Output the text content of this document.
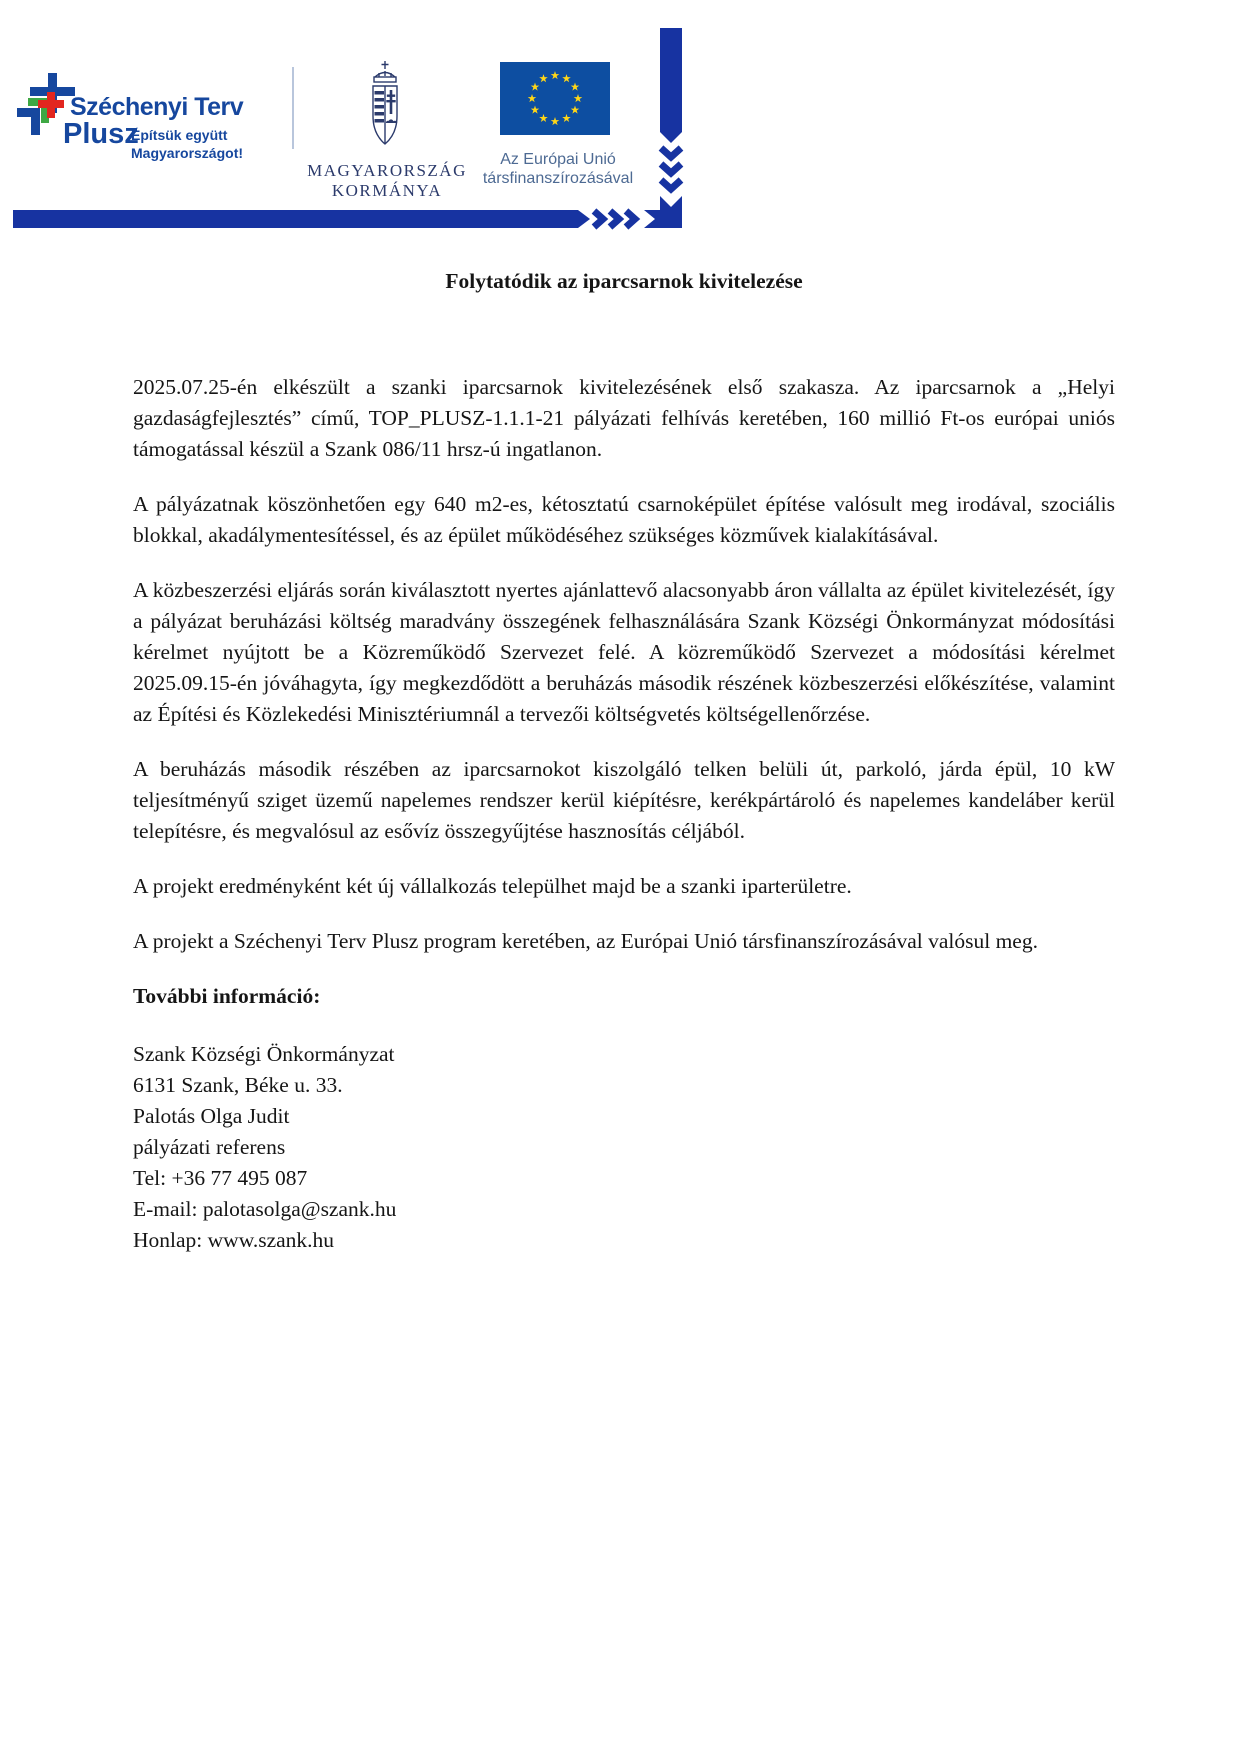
Széchenyi Terv
Plusz
Építsük együtt
Magyarországot!
MAGYARORSZÁG
KORMÁNYA
Az Európai Unió
társfinanszírozásával
Folytatódik az iparcsarnok kivitelezése

2025.07.25-én elkészült a szanki iparcsarnok kivitelezésének első szakasza. Az iparcsarnok a „Helyi gazdaságfejlesztés” című, TOP_PLUSZ-1.1.1-21 pályázati felhívás keretében, 160 millió Ft-os európai uniós támogatással készül a Szank 086/11 hrsz-ú ingatlanon.

A pályázatnak köszönhetően egy 640 m2-es, kétosztatú csarnoképület építése valósult meg irodával, szociális blokkal, akadálymentesítéssel, és az épület működéséhez szükséges közművek kialakításával.

A közbeszerzési eljárás során kiválasztott nyertes ajánlattevő alacsonyabb áron vállalta az épület kivitelezését, így a pályázat beruházási költség maradvány összegének felhasználására Szank Községi Önkormányzat módosítási kérelmet nyújtott be a Közreműködő Szervezet felé. A közreműködő Szervezet a módosítási kérelmet 2025.09.15-én jóváhagyta, így megkezdődött a beruházás második részének közbeszerzési előkészítése, valamint az Építési és Közlekedési Minisztériumnál a tervezői költségvetés költségellenőrzése.

A beruházás második részében az iparcsarnokot kiszolgáló telken belüli út, parkoló, járda épül, 10 kW teljesítményű sziget üzemű napelemes rendszer kerül kiépítésre, kerékpártároló és napelemes kandeláber kerül telepítésre, és megvalósul az esővíz összegyűjtése hasznosítás céljából.

A projekt eredményként két új vállalkozás települhet majd be a szanki iparterületre.

A projekt a Széchenyi Terv Plusz program keretében, az Európai Unió társfinanszírozásával valósul meg.

További információ:
Szank Községi Önkormányzat
6131 Szank, Béke u. 33.
Palotás Olga Judit
pályázati referens
Tel: +36 77 495 087
E-mail: palotasolga@szank.hu
Honlap: www.szank.hu
